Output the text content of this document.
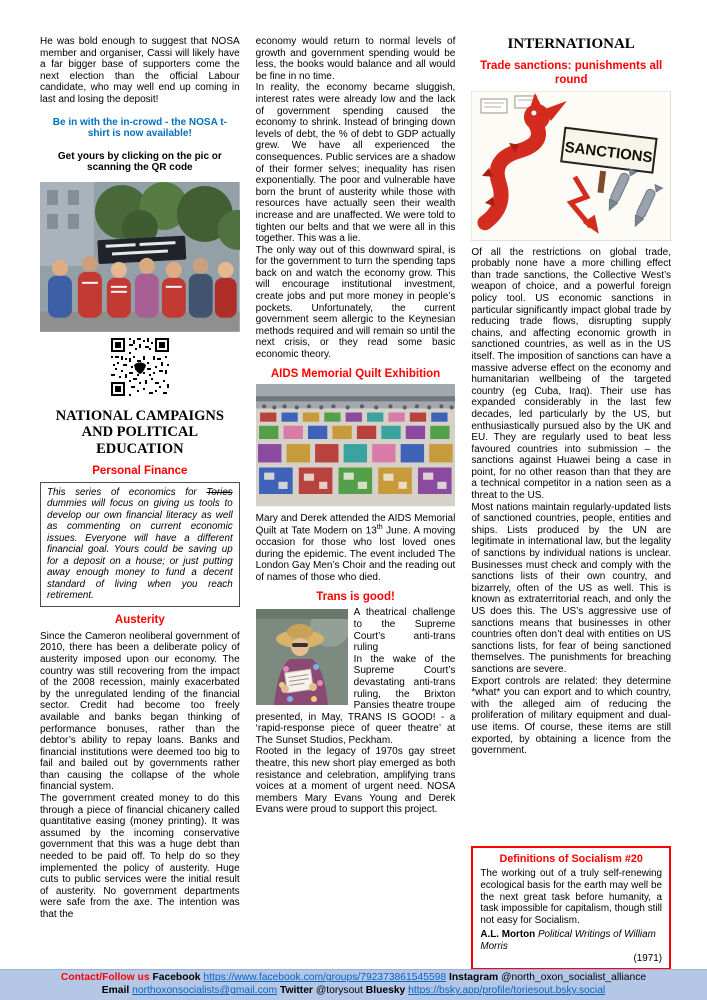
He was bold enough to suggest that NOSA member and organiser, Cassi will likely have a far bigger base of supporters come the next election than the official Labour candidate, who may well end up coming in last and losing the deposit!

Be in with the in-crowd - the NOSA t-shirt is now available!

Get yours by clicking on the pic or scanning the QR code

NATIONAL CAMPAIGNS AND POLITICAL EDUCATION
Personal Finance
This series of economics for Tories dummies will focus on giving us tools to develop our own financial literacy as well as commenting on current economic issues. Everyone will have a different financial goal. Yours could be saving up for a deposit on a house; or just putting away enough money to fund a decent standard of living when you reach retirement.
Austerity

Since the Cameron neoliberal government of 2010, there has been a deliberate policy of austerity imposed upon our economy. The country was still recovering from the impact of the 2008 recession, mainly exacerbated by the unregulated lending of the financial sector. Credit had become too freely available and banks began thinking of performance bonuses, rather than the debtor’s ability to repay loans. Banks and financial institutions were deemed too big to fail and bailed out by governments rather than causing the collapse of the whole financial system.

The government created money to do this through a piece of financial chicanery called quantitative easing (money printing). It was assumed by the incoming conservative government that this was a huge debt than needed to be paid off. To help do so they implemented the policy of austerity. Huge cuts to public services were the initial result of austerity. No government departments were safe from the axe. The intention was that the

economy would return to normal levels of growth and government spending would be less, the books would balance and all would be fine in no time.

In reality, the economy became sluggish, interest rates were already low and the lack of government spending caused the economy to shrink. Instead of bringing down levels of debt, the % of debt to GDP actually grew. We have all experienced the consequences. Public services are a shadow of their former selves; inequality has risen exponentially. The poor and vulnerable have born the brunt of austerity while those with resources have actually seen their wealth increase and are unaffected. We were told to tighten our belts and that we were all in this together. This was a lie.

The only way out of this downward spiral, is for the government to turn the spending taps back on and watch the economy grow. This will encourage institutional investment, create jobs and put more money in people’s pockets. Unfortunately, the current government seem allergic to the Keynesian methods required and will remain so until the next crisis, or they read some basic economic theory.

AIDS Memorial Quilt Exhibition

Mary and Derek attended the AIDS Memorial Quilt at Tate Modern on 13th June. A moving occasion for those who lost loved ones during the epidemic. The event included The London Gay Men’s Choir and the reading out of names of those who died.

Trans is good!

A theatrical challenge to the Supreme Court’s anti-trans ruling

In the wake of the Supreme Court’s devastating anti-trans ruling, the Brixton Pansies theatre troupe presented, in May, TRANS IS GOOD! - a ‘rapid-response piece of queer theatre’ at The Sunset Studios, Peckham.

Rooted in the legacy of 1970s gay street theatre, this new short play emerged as both resistance and celebration, amplifying trans voices at a moment of urgent need. NOSA members Mary Evans Young and Derek Evans were proud to support this project.

INTERNATIONAL
Trade sanctions: punishments all round
SANCTIONS

Of all the restrictions on global trade, probably none have a more chilling effect than trade sanctions, the Collective West’s weapon of choice, and a powerful foreign policy tool. US economic sanctions in particular significantly impact global trade by reducing trade flows, disrupting supply chains, and affecting economic growth in sanctioned countries, as well as in the US itself. The imposition of sanctions can have a massive adverse effect on the economy and humanitarian wellbeing of the targeted country (eg Cuba, Iraq). Their use has expanded considerably in the last few decades, led particularly by the US, but enthusiastically pursued also by the UK and EU. They are regularly used to beat less favoured countries into submission – the sanctions against Huawei being a case in point, for no other reason than that they are a technical competitor in a nation seen as a threat to the US.

Most nations maintain regularly-updated lists of sanctioned countries, people, entities and ships. Lists produced by the UN are legitimate in international law, but the legality of sanctions by individual nations is unclear. Businesses must check and comply with the sanctions lists of their own country, and bizarrely, often of the US as well. This is known as extraterritorial reach, and only the US does this. The US’s aggressive use of sanctions means that businesses in other countries often don’t deal with entities on US sanctions lists, for fear of being sanctioned themselves. The punishments for breaching sanctions are severe.

Export controls are related: they determine *what* you can export and to which country, with the alleged aim of reducing the proliferation of military equipment and dual-use items. Of course, these items are still exported, by obtaining a licence from the government.

Definitions of Socialism #20

The working out of a truly self-renewing ecological basis for the earth may well be the next great task before humanity, a task impossible for capitalism, though still not easy for Socialism.

A.L. Morton Political Writings of William Morris
(1971)
Contact/Follow us Facebook https://www.facebook.com/groups/792373861545598 Instagram @north_oxon_socialist_alliance
Email northoxonsocialists@gmail.com Twitter @torysout Bluesky https://bsky.app/profile/toriesout.bsky.social
